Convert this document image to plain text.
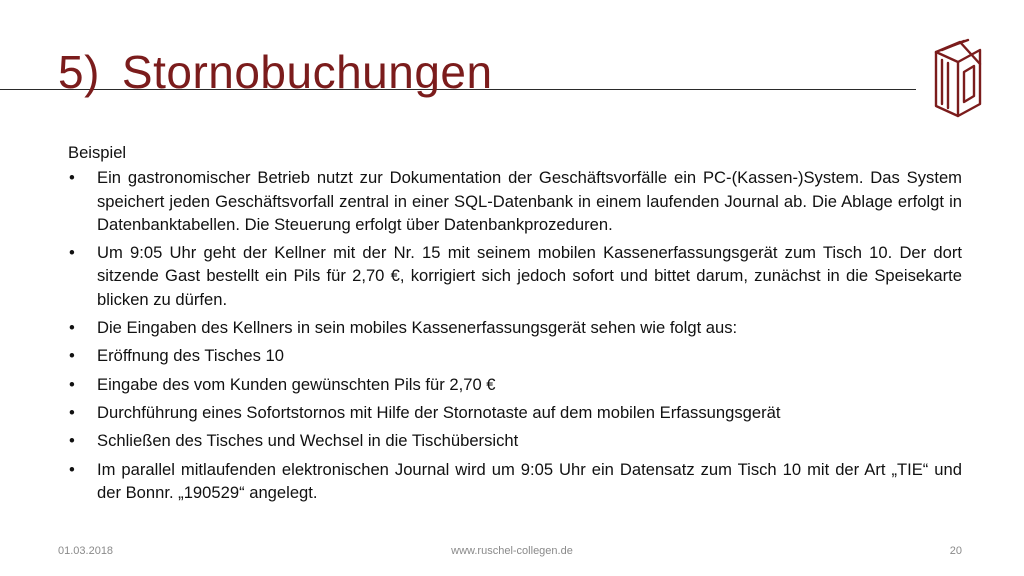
5) Stornobuchungen

Beispiel

• Ein gastronomischer Betrieb nutzt zur Dokumentation der Geschäftsvorfälle ein PC-(Kassen-)System. Das System speichert jeden Geschäftsvorfall zentral in einer SQL-Datenbank in einem laufenden Journal ab. Die Ablage erfolgt in Datenbanktabellen. Die Steuerung erfolgt über Datenbankprozeduren.
• Um 9:05 Uhr geht der Kellner mit der Nr. 15 mit seinem mobilen Kassenerfassungsgerät zum Tisch 10. Der dort sitzende Gast bestellt ein Pils für 2,70 €, korrigiert sich jedoch sofort und bittet darum, zunächst in die Speisekarte blicken zu dürfen.
• Die Eingaben des Kellners in sein mobiles Kassenerfassungsgerät sehen wie folgt aus:
• Eröffnung des Tisches 10
• Eingabe des vom Kunden gewünschten Pils für 2,70 €
• Durchführung eines Sofortstornos mit Hilfe der Stornotaste auf dem mobilen Erfassungsgerät
• Schließen des Tisches und Wechsel in die Tischübersicht
• Im parallel mitlaufenden elektronischen Journal wird um 9:05 Uhr ein Datensatz zum Tisch 10 mit der Art „TIE“ und der Bonnr. „190529“ angelegt.
01.03.2018	www.ruschel-collegen.de	20
